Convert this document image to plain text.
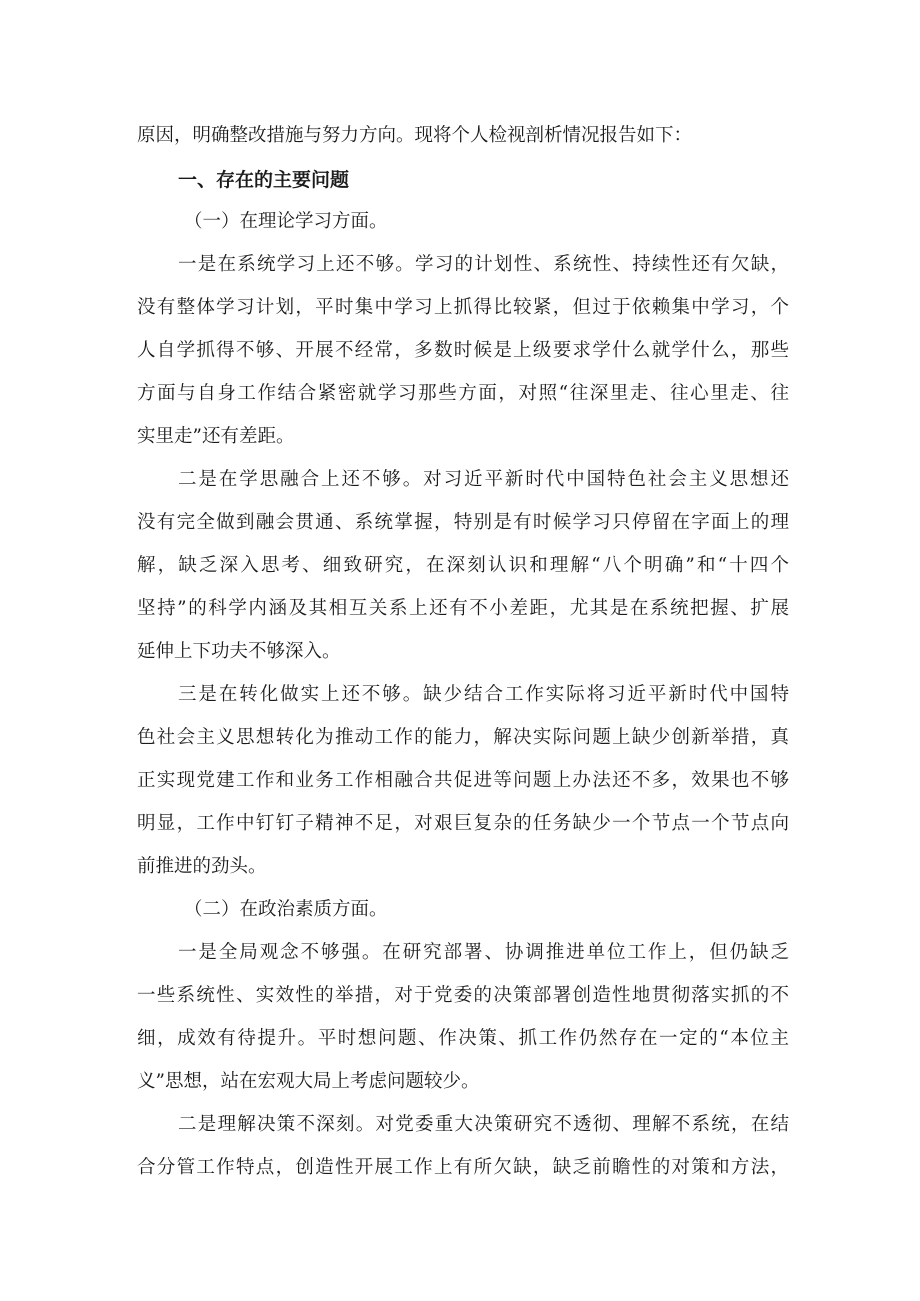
原因，明确整改措施与努力方向。现将个人检视剖析情况报告如下：
一、存在的主要问题
（一）在理论学习方面。
一是在系统学习上还不够。学习的计划性、系统性、持续性还有欠缺，
没有整体学习计划，平时集中学习上抓得比较紧，但过于依赖集中学习，个
人自学抓得不够、开展不经常，多数时候是上级要求学什么就学什么，那些
方面与自身工作结合紧密就学习那些方面，对照“往深里走、往心里走、往
实里走”还有差距。
二是在学思融合上还不够。对习近平新时代中国特色社会主义思想还
没有完全做到融会贯通、系统掌握，特别是有时候学习只停留在字面上的理
解，缺乏深入思考、细致研究，在深刻认识和理解“八个明确”和“十四个
坚持”的科学内涵及其相互关系上还有不小差距，尤其是在系统把握、扩展
延伸上下功夫不够深入。
三是在转化做实上还不够。缺少结合工作实际将习近平新时代中国特
色社会主义思想转化为推动工作的能力，解决实际问题上缺少创新举措，真
正实现党建工作和业务工作相融合共促进等问题上办法还不多，效果也不够
明显，工作中钉钉子精神不足，对艰巨复杂的任务缺少一个节点一个节点向
前推进的劲头。
（二）在政治素质方面。
一是全局观念不够强。在研究部署、协调推进单位工作上，但仍缺乏
一些系统性、实效性的举措，对于党委的决策部署创造性地贯彻落实抓的不
细，成效有待提升。平时想问题、作决策、抓工作仍然存在一定的“本位主
义”思想，站在宏观大局上考虑问题较少。
二是理解决策不深刻。对党委重大决策研究不透彻、理解不系统，在结
合分管工作特点，创造性开展工作上有所欠缺，缺乏前瞻性的对策和方法，
